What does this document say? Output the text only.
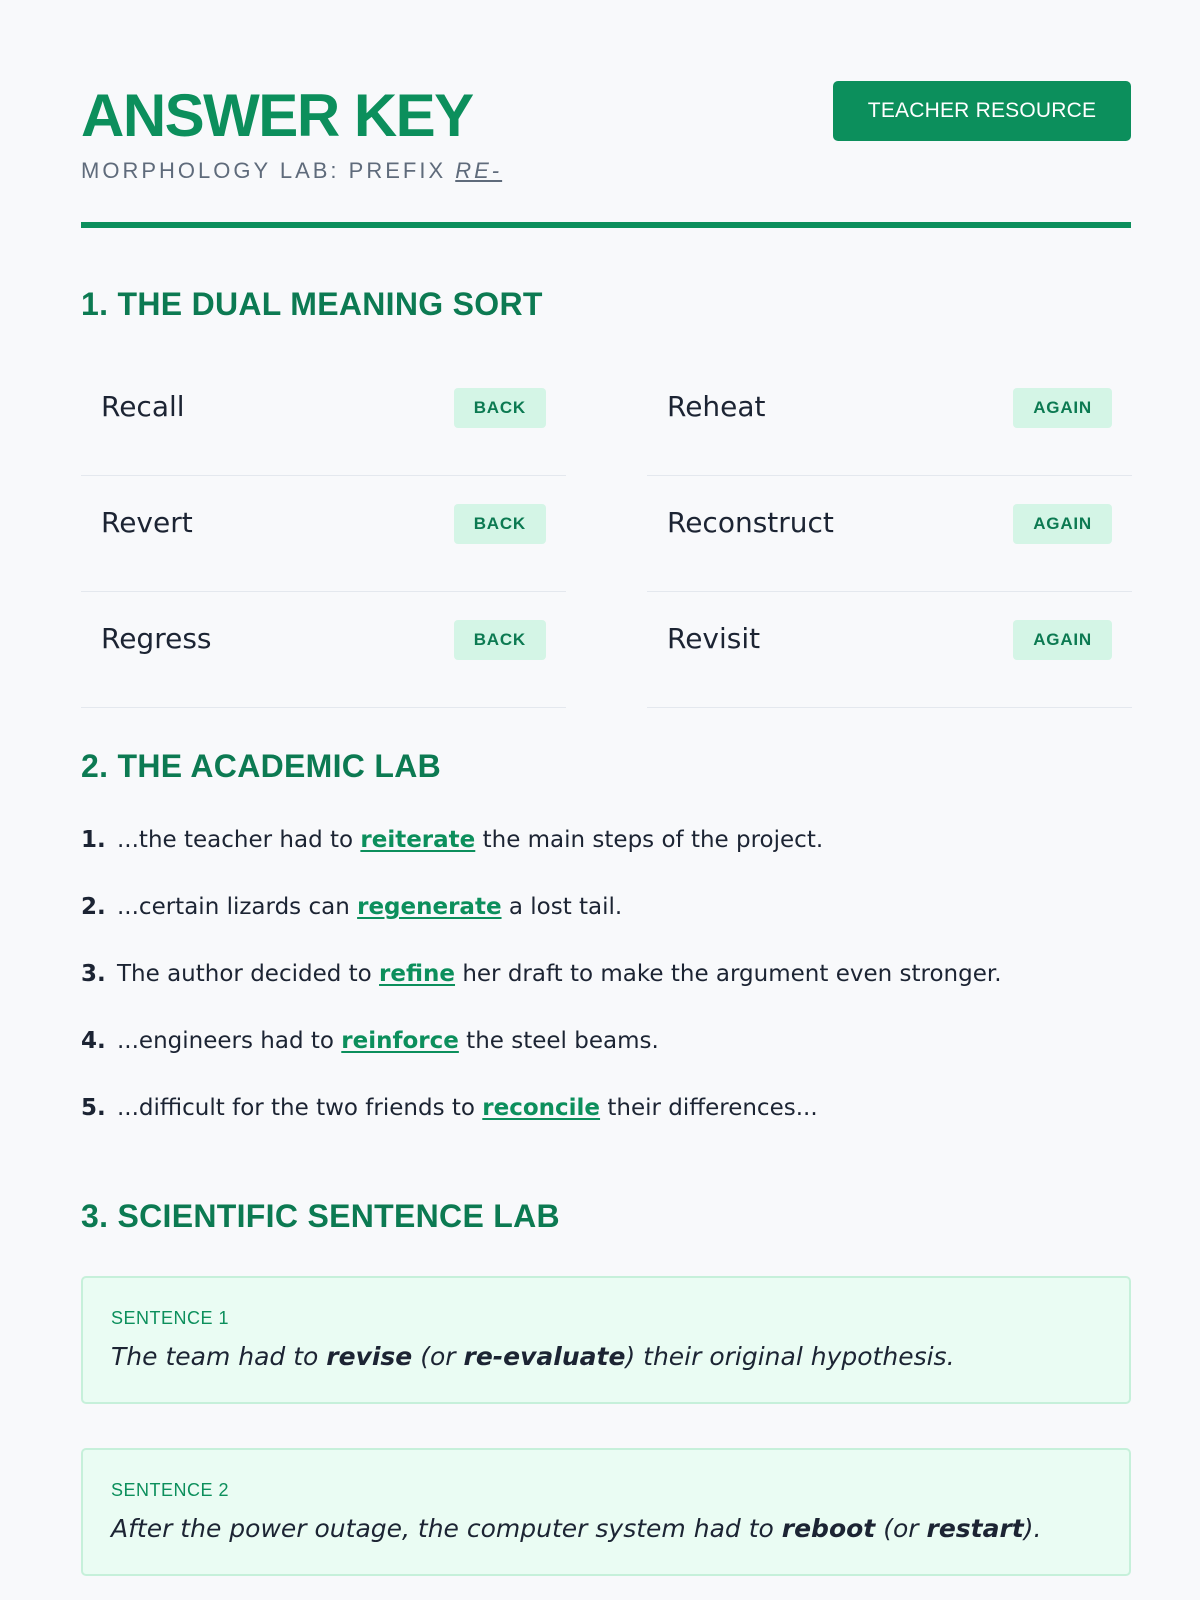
ANSWER KEY
MORPHOLOGY LAB: PREFIX RE-
TEACHER RESOURCE
1. THE DUAL MEANING SORT
Recall	BACK
Revert	BACK
Regress	BACK
Reheat	AGAIN
Reconstruct	AGAIN
Revisit	AGAIN
2. THE ACADEMIC LAB
1. ...the teacher had to reiterate the main steps of the project.
2. ...certain lizards can regenerate a lost tail.
3. The author decided to refine her draft to make the argument even stronger.
4. ...engineers had to reinforce the steel beams.
5. ...difficult for the two friends to reconcile their differences...
3. SCIENTIFIC SENTENCE LAB
SENTENCE 1
The team had to revise (or re-evaluate) their original hypothesis.
SENTENCE 2
After the power outage, the computer system had to reboot (or restart).
